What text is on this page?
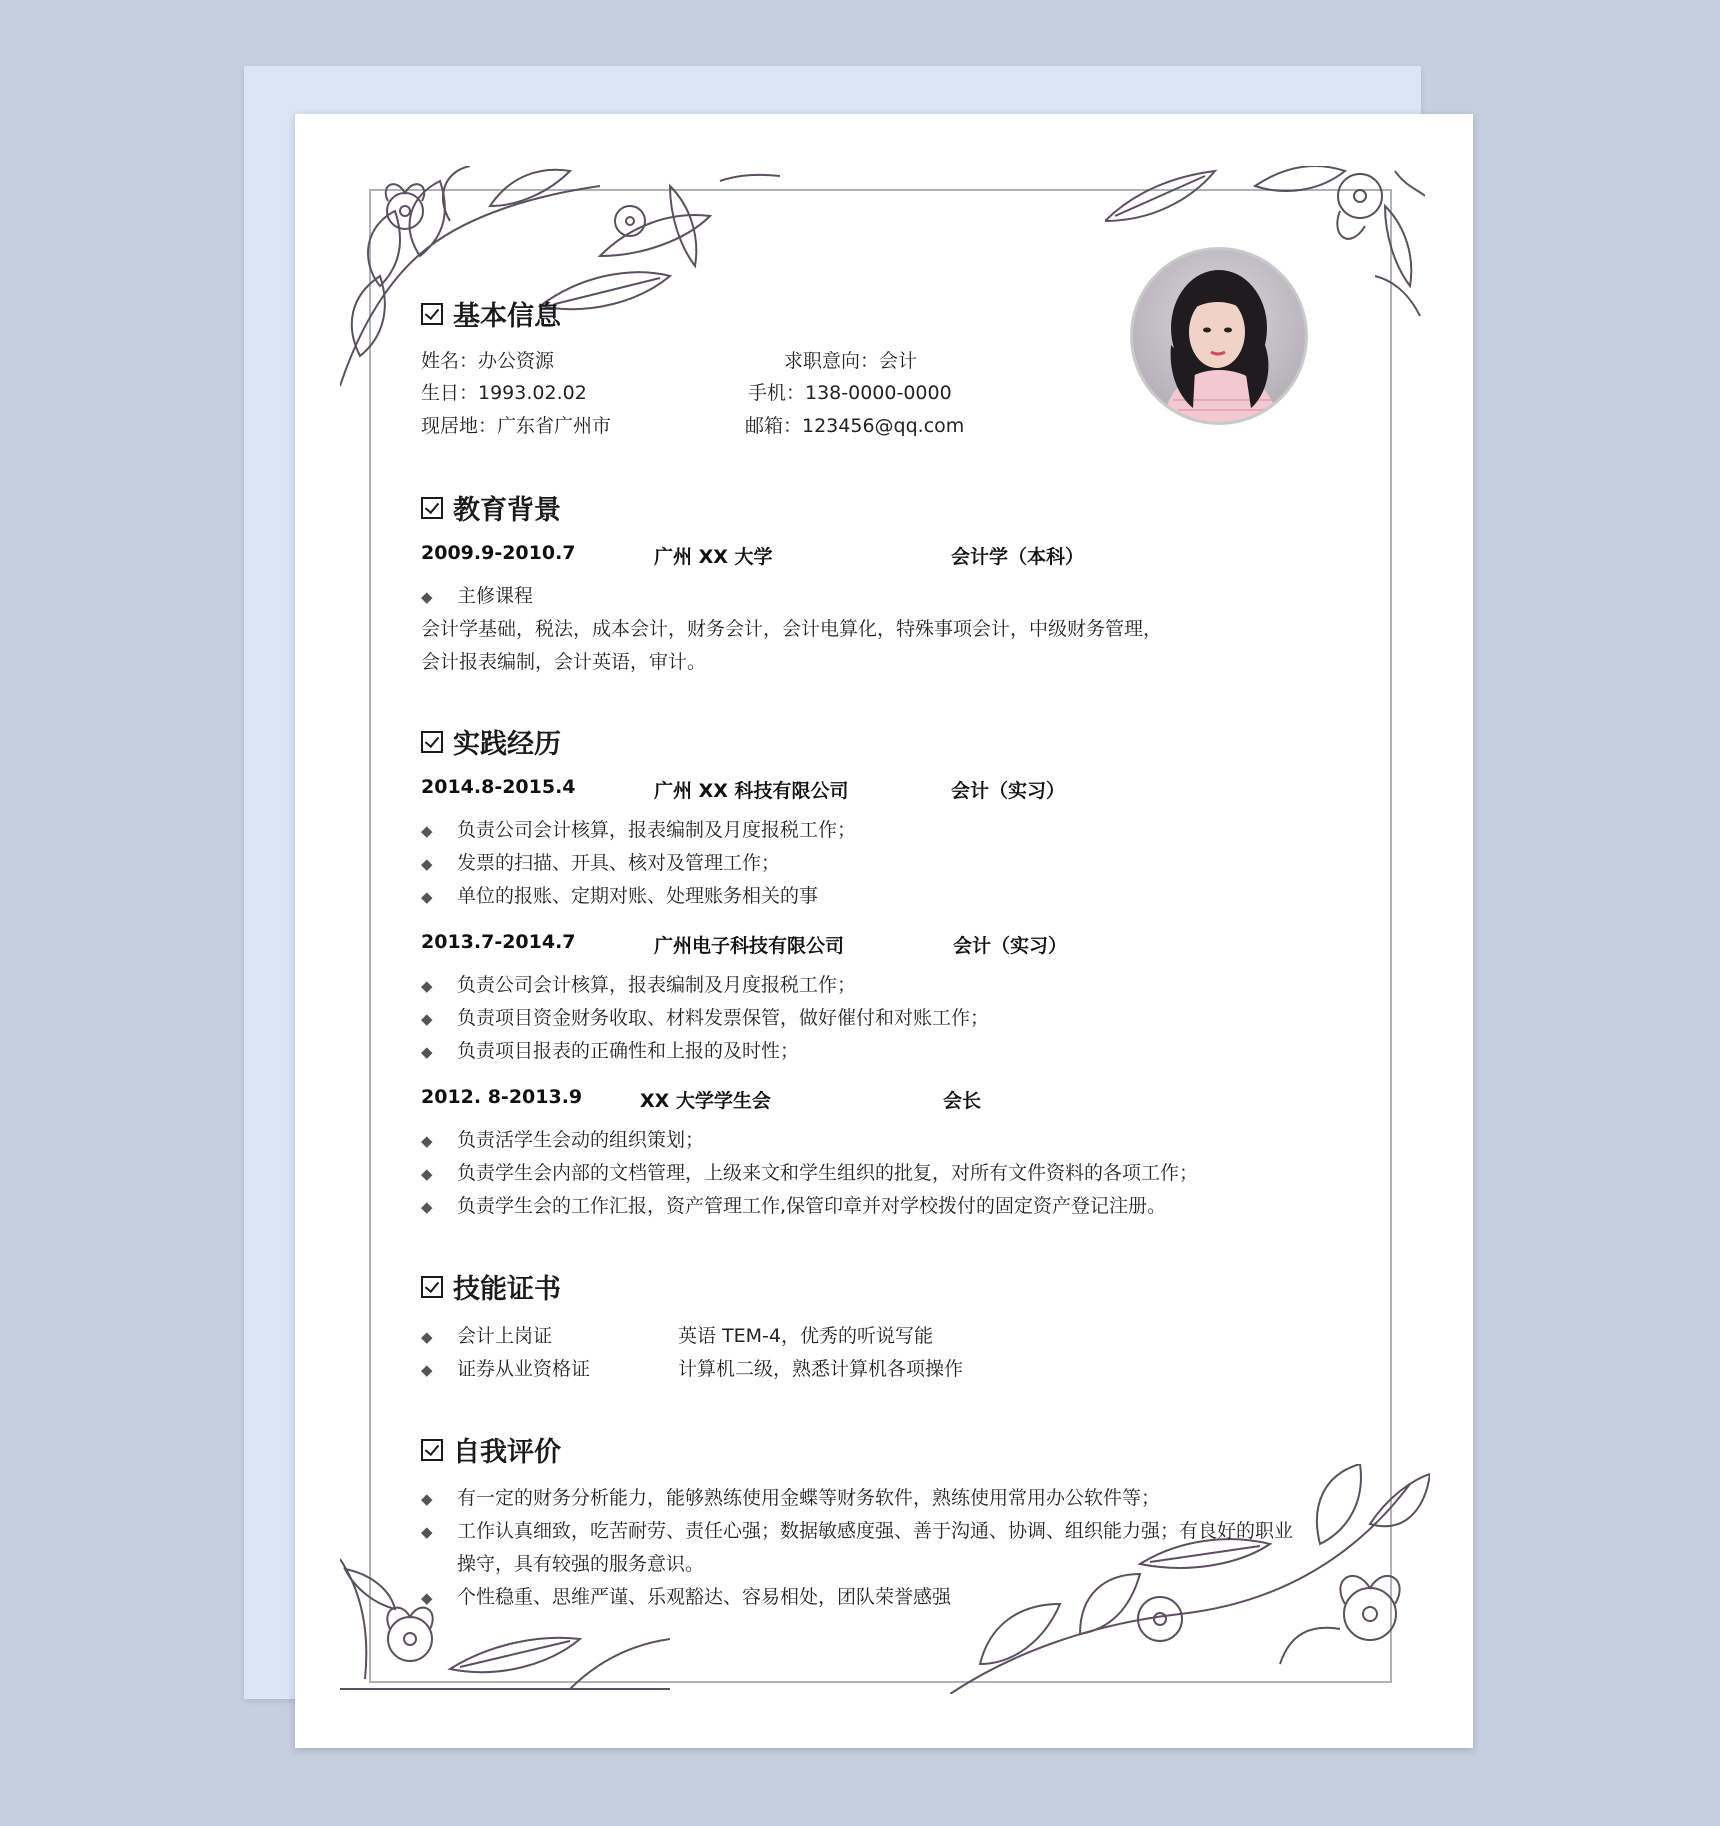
基本信息
姓名：办公资源	求职意向：会计
生日：1993.02.02	手机：138-0000-0000
现居地：广东省广州市	邮箱：123456@qq.com
教育背景
2009.9-2010.7	广州 XX 大学	会计学（本科）
◆ 主修课程
会计学基础，税法，成本会计，财务会计，会计电算化，特殊事项会计，中级财务管理，
会计报表编制，会计英语，审计。
实践经历
2014.8-2015.4	广州 XX 科技有限公司	会计（实习）
◆ 负责公司会计核算，报表编制及月度报税工作；
◆ 发票的扫描、开具、核对及管理工作；
◆ 单位的报账、定期对账、处理账务相关的事
2013.7-2014.7	广州电子科技有限公司	会计（实习）
◆ 负责公司会计核算，报表编制及月度报税工作；
◆ 负责项目资金财务收取、材料发票保管，做好催付和对账工作；
◆ 负责项目报表的正确性和上报的及时性；
2012. 8-2013.9	XX 大学学生会	会长
◆ 负责活学生会动的组织策划；
◆ 负责学生会内部的文档管理，上级来文和学生组织的批复，对所有文件资料的各项工作；
◆ 负责学生会的工作汇报，资产管理工作,保管印章并对学校拨付的固定资产登记注册。
技能证书
◆ 会计上岗证	英语 TEM-4，优秀的听说写能
◆ 证券从业资格证	计算机二级，熟悉计算机各项操作
自我评价
◆ 有一定的财务分析能力，能够熟练使用金蝶等财务软件，熟练使用常用办公软件等；
◆ 工作认真细致，吃苦耐劳、责任心强；数据敏感度强、善于沟通、协调、组织能力强；有良好的职业
操守，具有较强的服务意识。
◆ 个性稳重、思维严谨、乐观豁达、容易相处，团队荣誉感强
